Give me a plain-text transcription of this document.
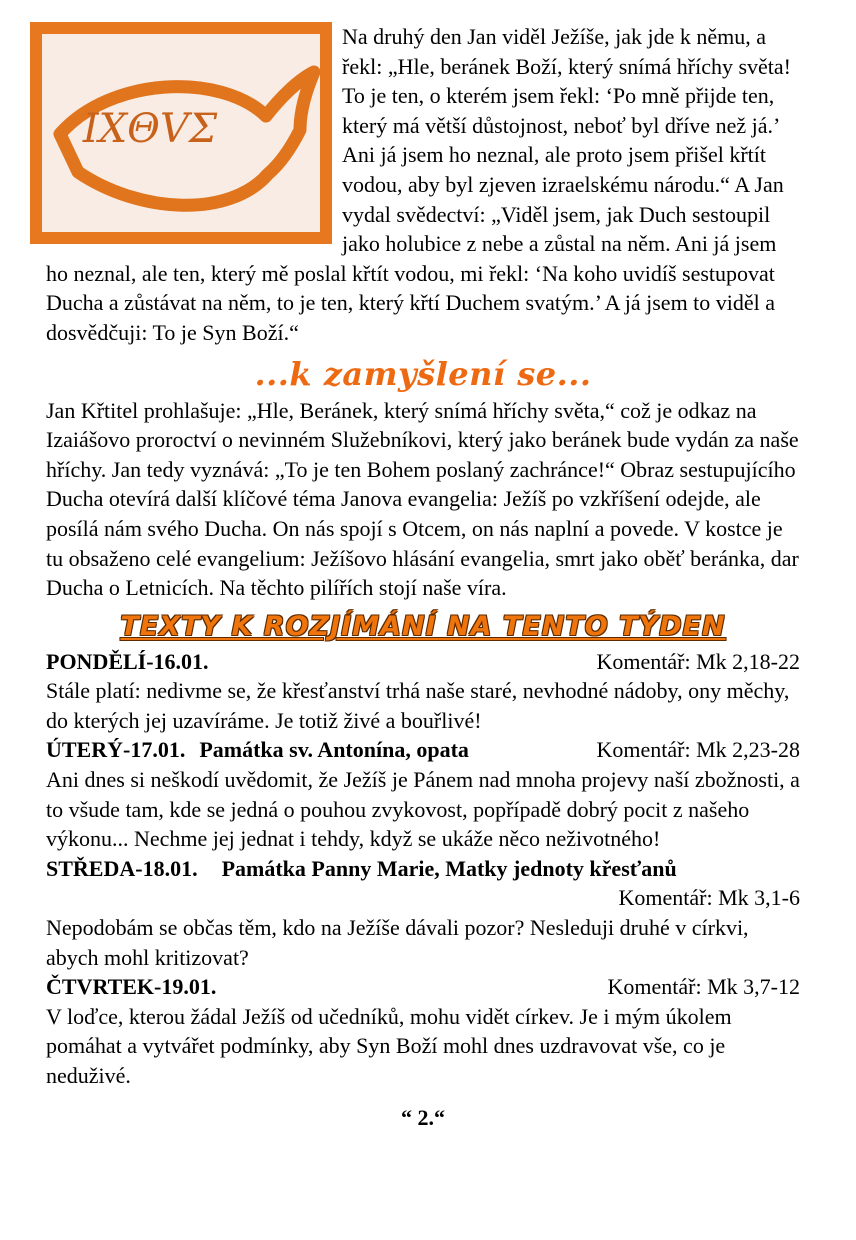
IXΘVΣ

Na druhý den Jan viděl Ježíše, jak jde k němu, a řekl: „Hle, beránek Boží, který snímá hříchy světa! To je ten, o kterém jsem řekl: ‘Po mně přijde ten, který má větší důstojnost, neboť byl dříve než já.’ Ani já jsem ho neznal, ale proto jsem přišel křtít vodou, aby byl zjeven izraelskému národu.“ A Jan vydal svědectví: „Viděl jsem, jak Duch sestoupil jako holubice z nebe a zůstal na něm. Ani já jsem ho neznal, ale ten, který mě poslal křtít vodou, mi řekl: ‘Na koho uvidíš sestupovat Ducha a zůstávat na něm, to je ten, který křtí Duchem svatým.’ A já jsem to viděl a dosvědčuji: To je Syn Boží.“

...k zamyšlení se...

Jan Křtitel prohlašuje: „Hle, Beránek, který snímá hříchy světa,“ což je odkaz na Izaiášovo proroctví o nevinném Služebníkovi, který jako beránek bude vydán za naše hříchy. Jan tedy vyznává: „To je ten Bohem poslaný zachránce!“ Obraz sestupujícího Ducha otevírá další klíčové téma Janova evangelia: Ježíš po vzkříšení odejde, ale posílá nám svého Ducha. On nás spojí s Otcem, on nás naplní a povede. V kostce je tu obsaženo celé evangelium: Ježíšovo hlásání evangelia, smrt jako oběť beránka, dar Ducha o Letnicích. Na těchto pilířích stojí naše víra.

TEXTY K ROZJÍMÁNÍ NA TENTO TÝDEN
PONDĚLÍ-16.01.	Komentář: Mk 2,18-22

Stále platí: nedivme se, že křesťanství trhá naše staré, nevhodné nádoby, ony měchy, do kterých jej uzavíráme. Je totiž živé a bouřlivé!

ÚTERÝ-17.01. Památka sv. Antonína, opata	Komentář: Mk 2,23-28

Ani dnes si neškodí uvědomit, že Ježíš je Pánem nad mnoha projevy naší zbožnosti, a to všude tam, kde se jedná o pouhou zvykovost, popřípadě dobrý pocit z našeho výkonu... Nechme jej jednat i tehdy, když se ukáže něco neživotného!

STŘEDA-18.01. Památka Panny Marie, Matky jednoty křesťanů
Komentář: Mk 3,1-6

Nepodobám se občas těm, kdo na Ježíše dávali pozor? Nesleduji druhé v církvi, abych mohl kritizovat?

ČTVRTEK-19.01.	Komentář: Mk 3,7-12

V loďce, kterou žádal Ježíš od učedníků, mohu vidět církev. Je i mým úkolem pomáhat a vytvářet podmínky, aby Syn Boží mohl dnes uzdravovat vše, co je neduživé.

“ 2.“
